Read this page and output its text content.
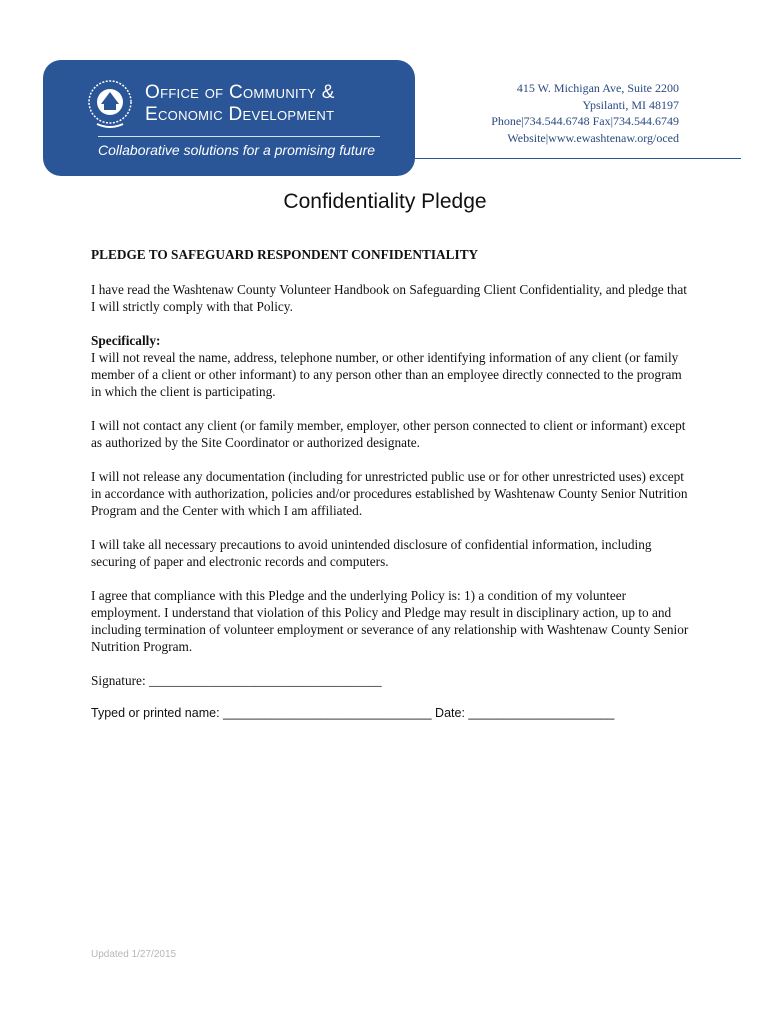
Office of Community &
Economic Development
Collaborative solutions for a promising future
415 W. Michigan Ave, Suite 2200
Ypsilanti, MI 48197
Phone|734.544.6748 Fax|734.544.6749
Website|www.ewashtenaw.org/oced
Confidentiality Pledge
PLEDGE TO SAFEGUARD RESPONDENT CONFIDENTIALITY
I have read the Washtenaw County Volunteer Handbook on Safeguarding Client Confidentiality, and pledge that I will strictly comply with that Policy.
Specifically:
I will not reveal the name, address, telephone number, or other identifying information of any client (or family member of a client or other informant) to any person other than an employee directly connected to the program in which the client is participating.
I will not contact any client (or family member, employer, other person connected to client or informant) except as authorized by the Site Coordinator or authorized designate.
I will not release any documentation (including for unrestricted public use or for other unrestricted uses) except in accordance with authorization, policies and/or procedures established by Washtenaw County Senior Nutrition Program and the Center with which I am affiliated.
I will take all necessary precautions to avoid unintended disclosure of confidential information, including securing of paper and electronic records and computers.
I agree that compliance with this Pledge and the underlying Policy is: 1) a condition of my volunteer employment. I understand that violation of this Policy and Pledge may result in disciplinary action, up to and including termination of volunteer employment or severance of any relationship with Washtenaw County Senior Nutrition Program.
Signature: ___________________________________
Typed or printed name: ______________________________ Date: _____________________
Updated 1/27/2015
